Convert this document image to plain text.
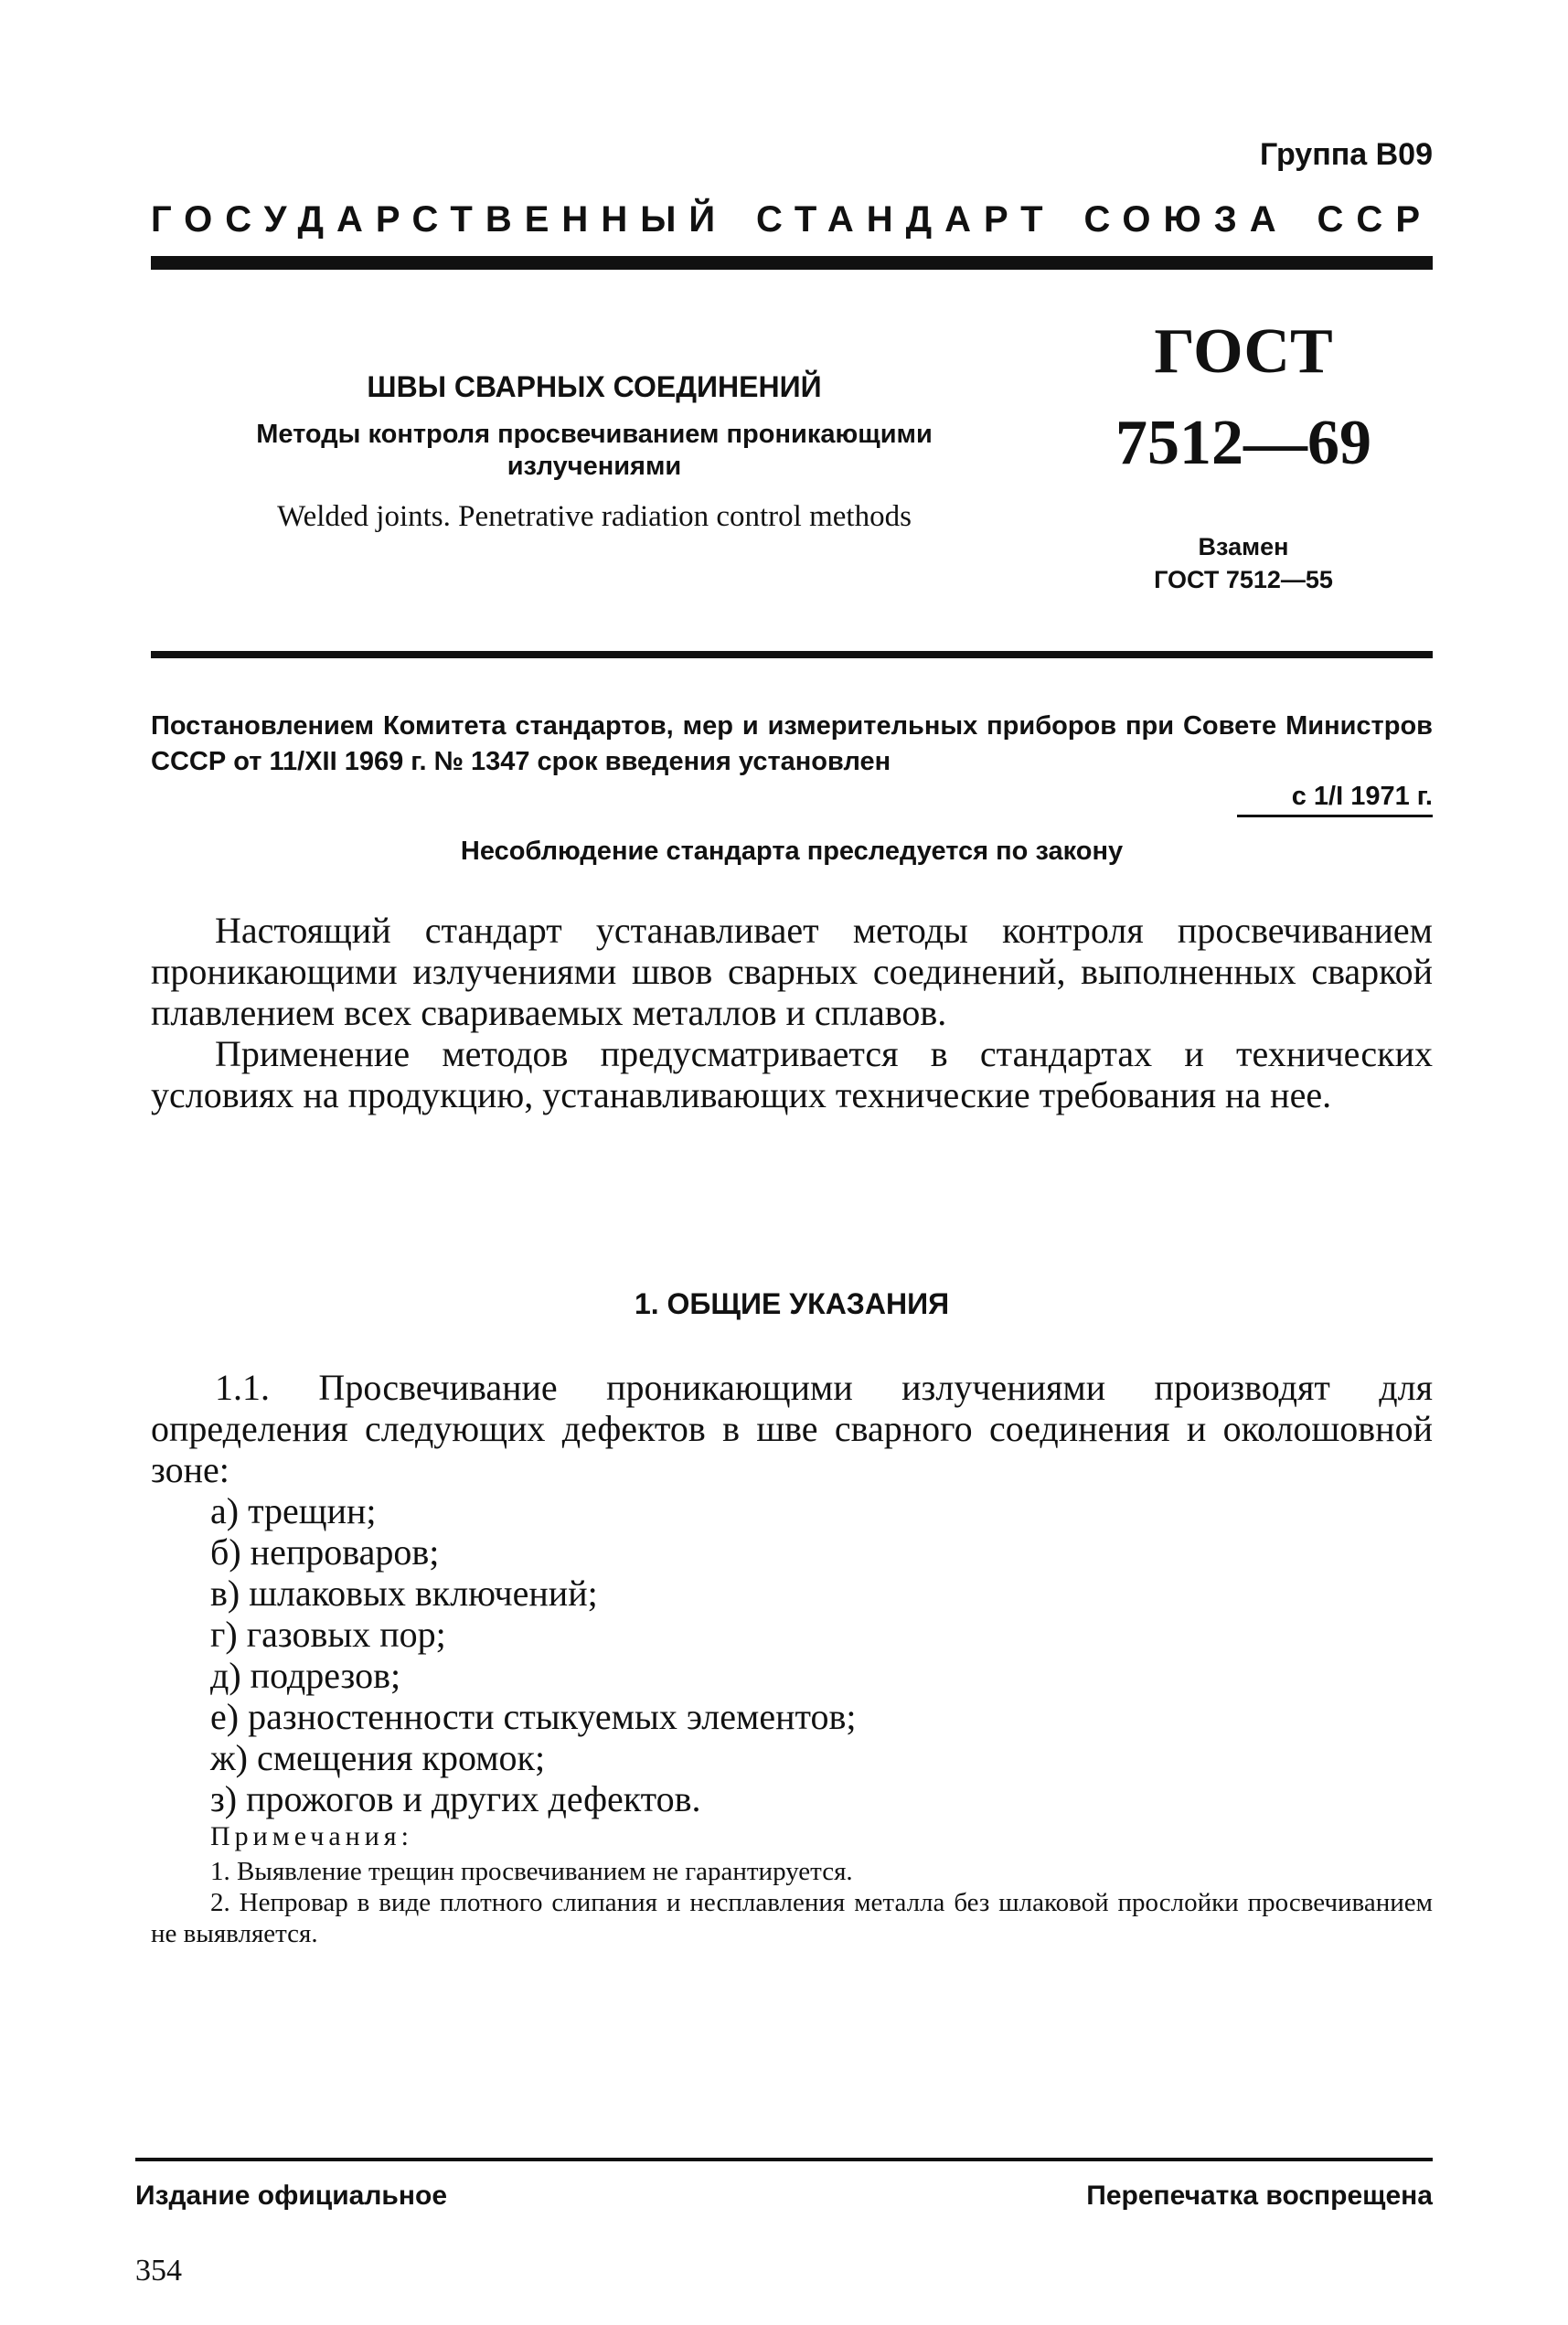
Группа В09
ГОСУДАРСТВЕННЫЙ СТАНДАРТ СОЮЗА ССР
ШВЫ СВАРНЫХ СОЕДИНЕНИЙ
Методы контроля просвечиванием проникающими
излучениями
Welded joints. Penetrative radiation control methods
ГОСТ
7512—69
Взамен
ГОСТ 7512—55
Постановлением Комитета стандартов, мер и измерительных приборов при Совете Министров СССР от 11/XII 1969 г. № 1347 срок введения установлен
с 1/I 1971 г.
Несоблюдение стандарта преследуется по закону

Настоящий стандарт устанавливает методы контроля просвечиванием проникающими излучениями швов сварных соединений, выполненных сваркой плавлением всех свариваемых металлов и сплавов.

Применение методов предусматривается в стандартах и технических условиях на продукцию, устанавливающих технические требования на нее.

1. ОБЩИЕ УКАЗАНИЯ

1.1. Просвечивание проникающими излучениями производят для определения следующих дефектов в шве сварного соединения и околошовной зоне:

а) трещин;
б) непроваров;
в) шлаковых включений;
г) газовых пор;
д) подрезов;
е) разностенности стыкуемых элементов;
ж) смещения кромок;
з) прожогов и других дефектов.
Примечания:

1. Выявление трещин просвечиванием не гарантируется.

2. Непровар в виде плотного слипания и несплавления металла без шлаковой прослойки просвечиванием не выявляется.

Издание официальное	Перепечатка воспрещена
354
